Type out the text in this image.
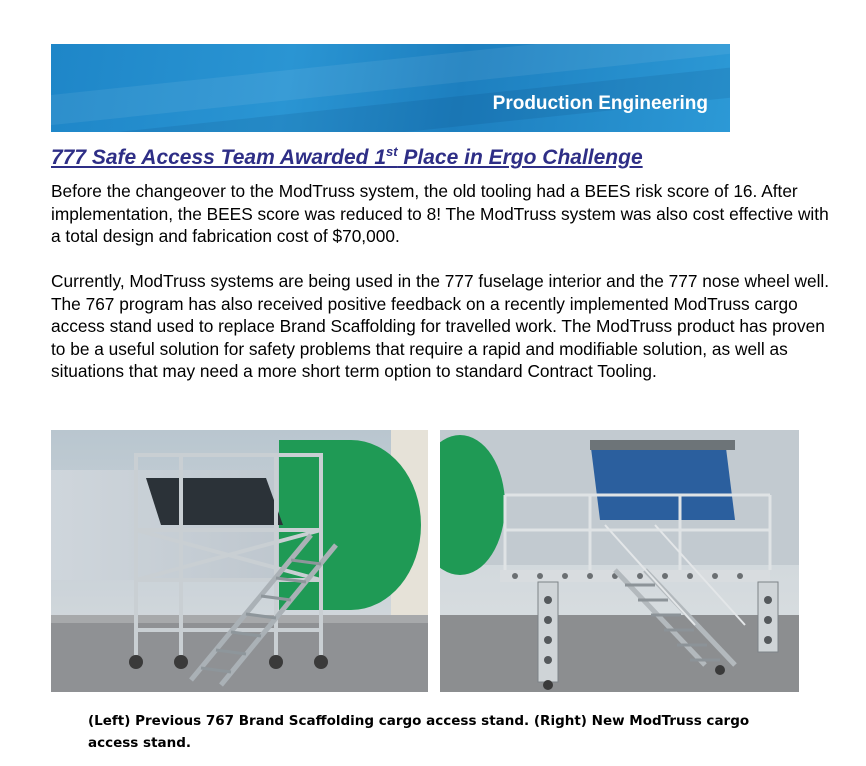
Production Engineering
777 Safe Access Team Awarded 1st Place in Ergo Challenge

Before the changeover to the ModTruss system, the old tooling had a BEES risk score of 16. After implementation, the BEES score was reduced to 8! The ModTruss system was also cost effective with a total design and fabrication cost of $70,000.

Currently, ModTruss systems are being used in the 777 fuselage interior and the 777 nose wheel well. The 767 program has also received positive feedback on a recently implemented ModTruss cargo access stand used to replace Brand Scaffolding for travelled work. The ModTruss product has proven to be a useful solution for safety problems that require a rapid and modifiable solution, as well as situations that may need a more short term option to standard Contract Tooling.

(Left) Previous 767 Brand Scaffolding cargo access stand. (Right) New ModTruss cargo access stand.
